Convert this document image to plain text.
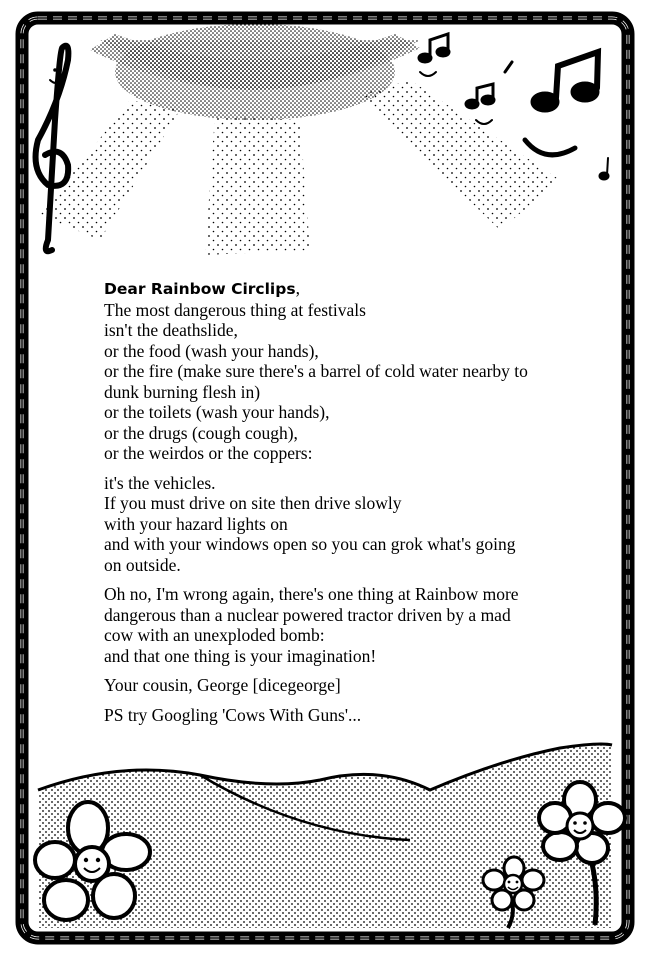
Dear Rainbow Circlips,
The most dangerous thing at festivals
isn't the deathslide,
or the food (wash your hands),
or the fire (make sure there's a barrel of cold water nearby to
dunk burning flesh in)
or the toilets (wash your hands),
or the drugs (cough cough),
or the weirdos or the coppers:
it's the vehicles.
If you must drive on site then drive slowly
with your hazard lights on
and with your windows open so you can grok what's going
on outside.
Oh no, I'm wrong again, there's one thing at Rainbow more
dangerous than a nuclear powered tractor driven by a mad
cow with an unexploded bomb:
and that one thing is your imagination!
Your cousin, George [dicegeorge]
PS try Googling 'Cows With Guns'...
